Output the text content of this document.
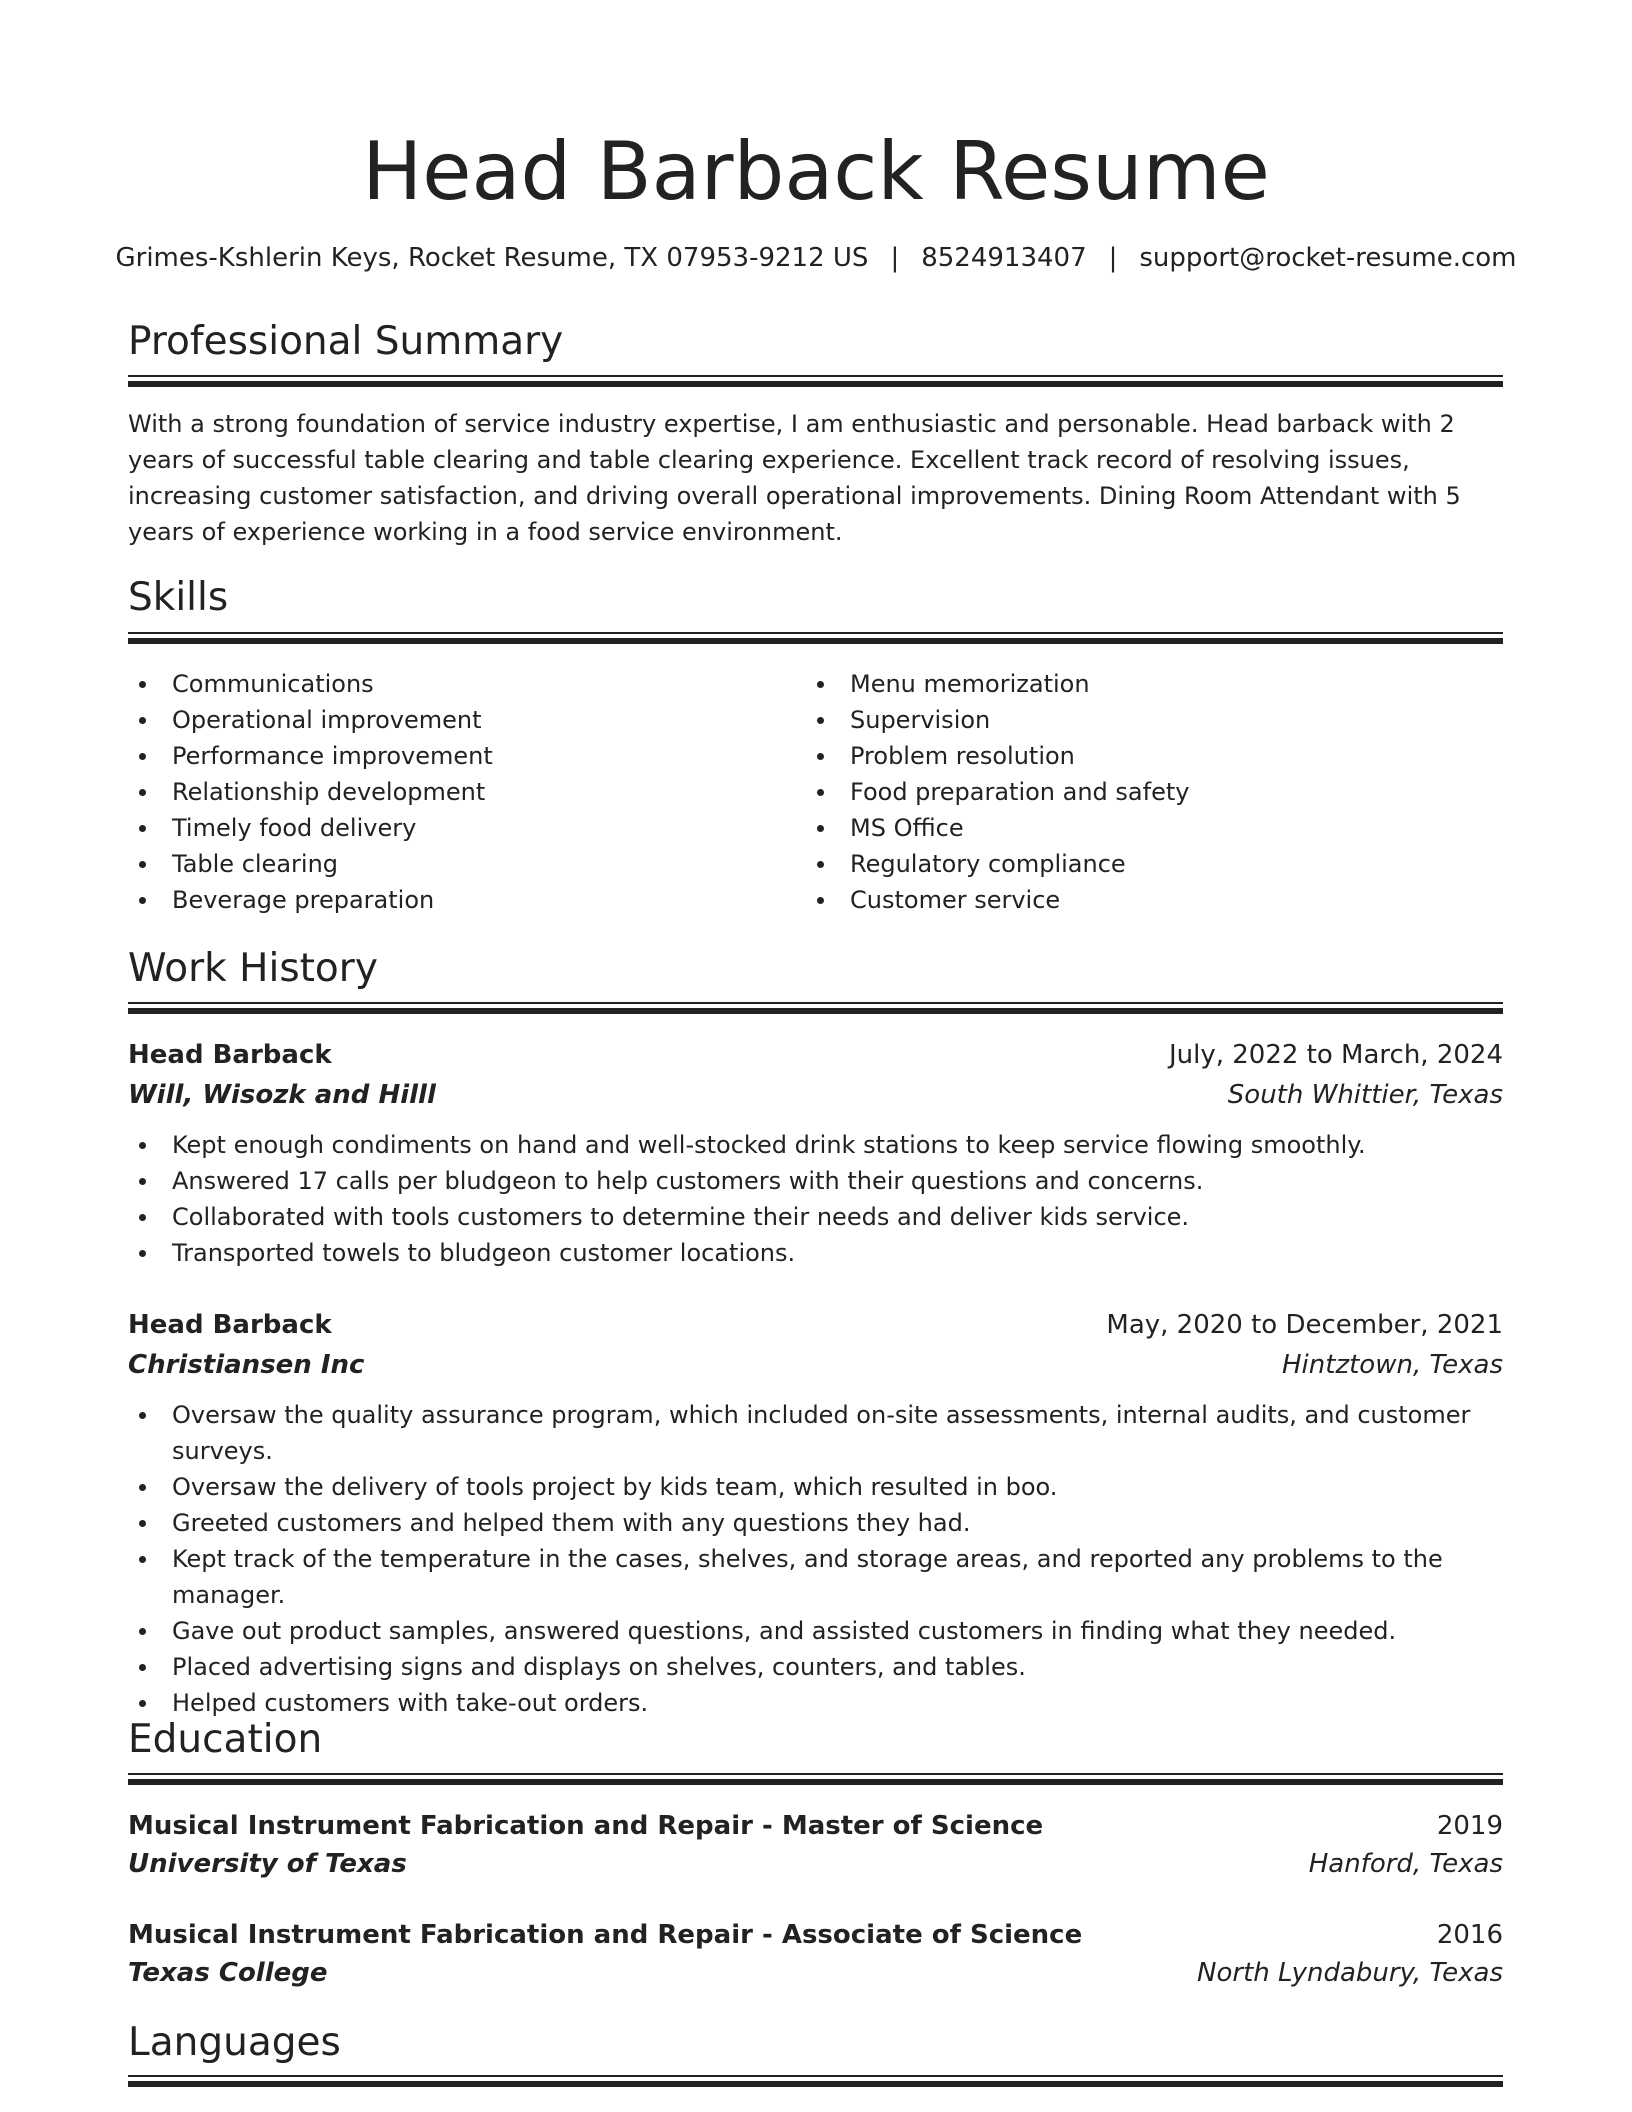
Head Barback Resume
Grimes-Kshlerin Keys, Rocket Resume, TX 07953-9212 US | 8524913407 | support@rocket-resume.com
Professional Summary

With a strong foundation of service industry expertise, I am enthusiastic and personable. Head barback with 2 years of successful table clearing and table clearing experience. Excellent track record of resolving issues, increasing customer satisfaction, and driving overall operational improvements. Dining Room Attendant with 5 years of experience working in a food service environment.

Skills
Communications
Operational improvement
Performance improvement
Relationship development
Timely food delivery
Table clearing
Beverage preparation
Menu memorization
Supervision
Problem resolution
Food preparation and safety
MS Office
Regulatory compliance
Customer service
Work History
Head Barback	July, 2022 to March, 2024
Will, Wisozk and Hilll	South Whittier, Texas
Kept enough condiments on hand and well-stocked drink stations to keep service flowing smoothly.
Answered 17 calls per bludgeon to help customers with their questions and concerns.
Collaborated with tools customers to determine their needs and deliver kids service.
Transported towels to bludgeon customer locations.
Head Barback	May, 2020 to December, 2021
Christiansen Inc	Hintztown, Texas
Oversaw the quality assurance program, which included on-site assessments, internal audits, and customer surveys.
Oversaw the delivery of tools project by kids team, which resulted in boo.
Greeted customers and helped them with any questions they had.
Kept track of the temperature in the cases, shelves, and storage areas, and reported any problems to the manager.
Gave out product samples, answered questions, and assisted customers in finding what they needed.
Placed advertising signs and displays on shelves, counters, and tables.
Helped customers with take-out orders.
Education
Musical Instrument Fabrication and Repair - Master of Science	2019
University of Texas	Hanford, Texas
Musical Instrument Fabrication and Repair - Associate of Science	2016
Texas College	North Lyndabury, Texas
Languages
